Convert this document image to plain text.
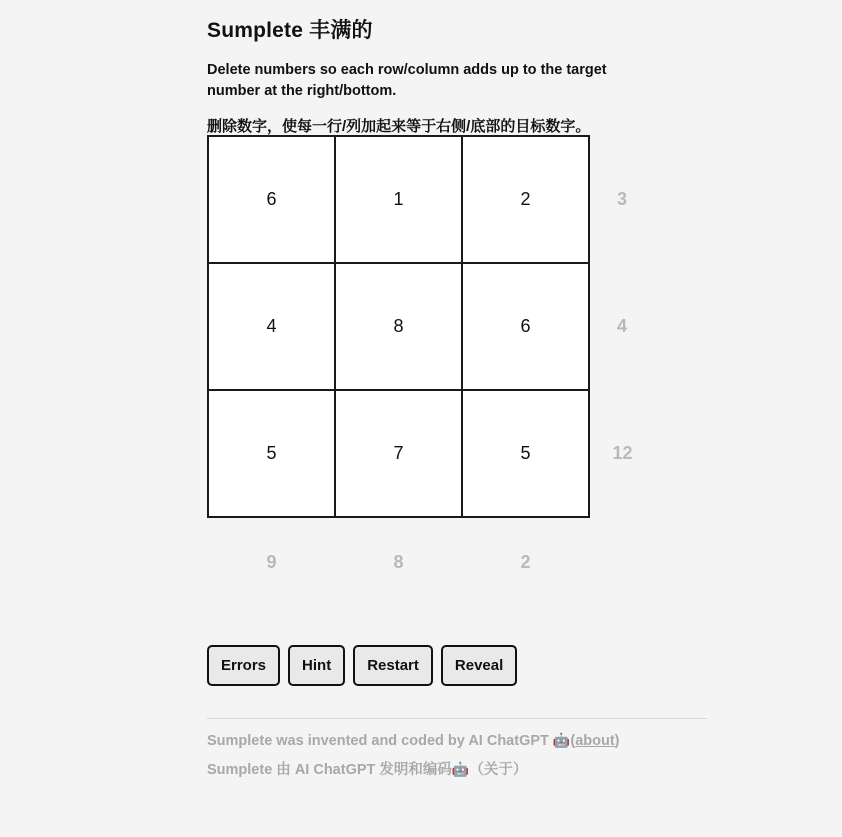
Sumplete 丰满的

Delete numbers so each row/column adds up to the target number at the right/bottom.

删除数字，使每一行/列加起来等于右侧/底部的目标数字。

6	1	2	3
4	8	6	4
5	7	5	12
9	8	2	
Errors	Hint	Restart	Reveal

Sumplete was invented and coded by AI ChatGPT 🤖(about)

Sumplete 由 AI ChatGPT 发明和编码🤖（关于）
